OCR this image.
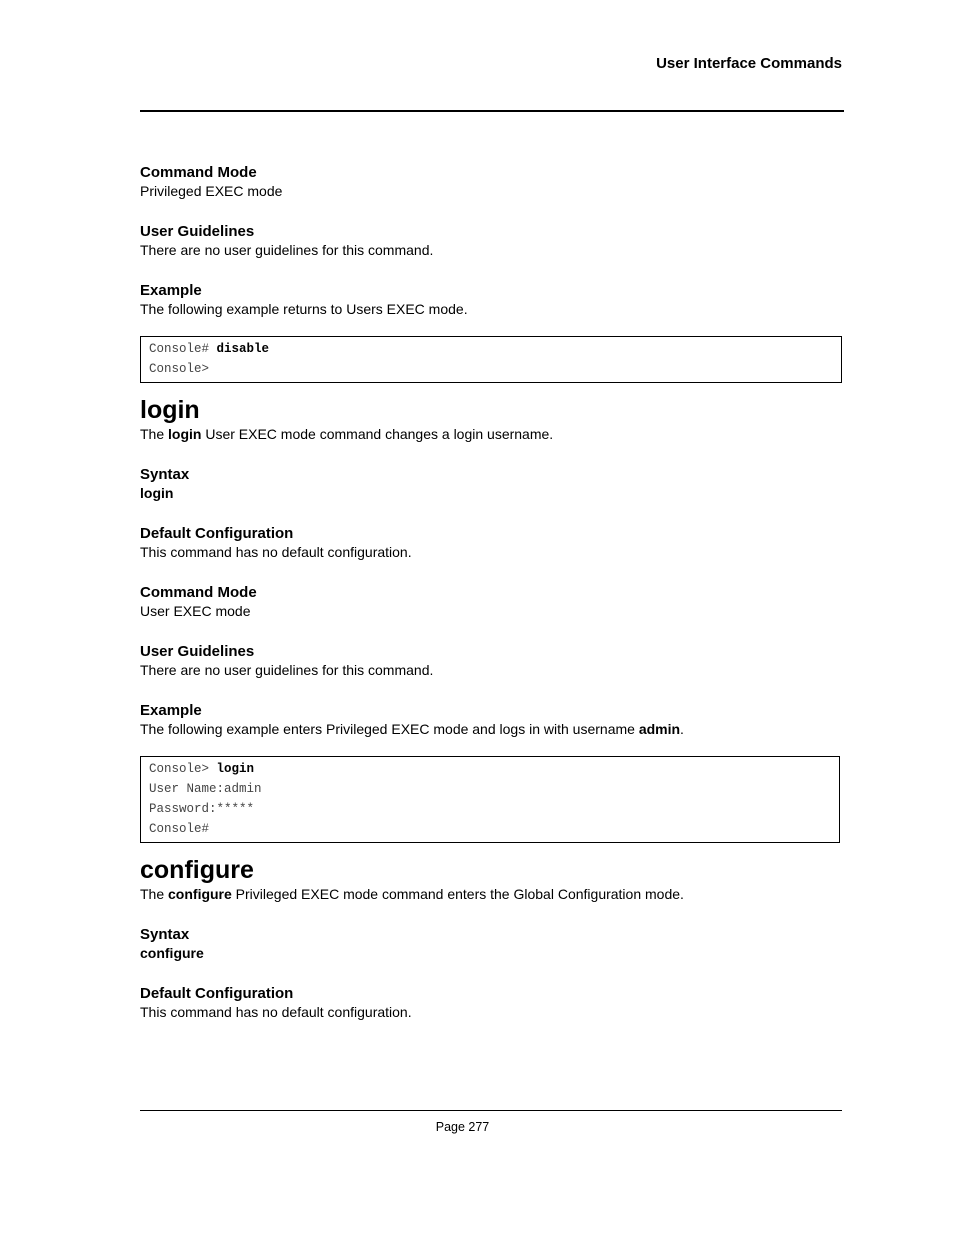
User Interface Commands
Command Mode
Privileged EXEC mode
User Guidelines
There are no user guidelines for this command.
Example
The following example returns to Users EXEC mode.
Console# disable
Console>
login
The login User EXEC mode command changes a login username.
Syntax
login
Default Configuration
This command has no default configuration.
Command Mode
User EXEC mode
User Guidelines
There are no user guidelines for this command.
Example
The following example enters Privileged EXEC mode and logs in with username admin.
Console> login
User Name:admin
Password:*****
Console#
configure
The configure Privileged EXEC mode command enters the Global Configuration mode.
Syntax
configure
Default Configuration
This command has no default configuration.
Page 277
